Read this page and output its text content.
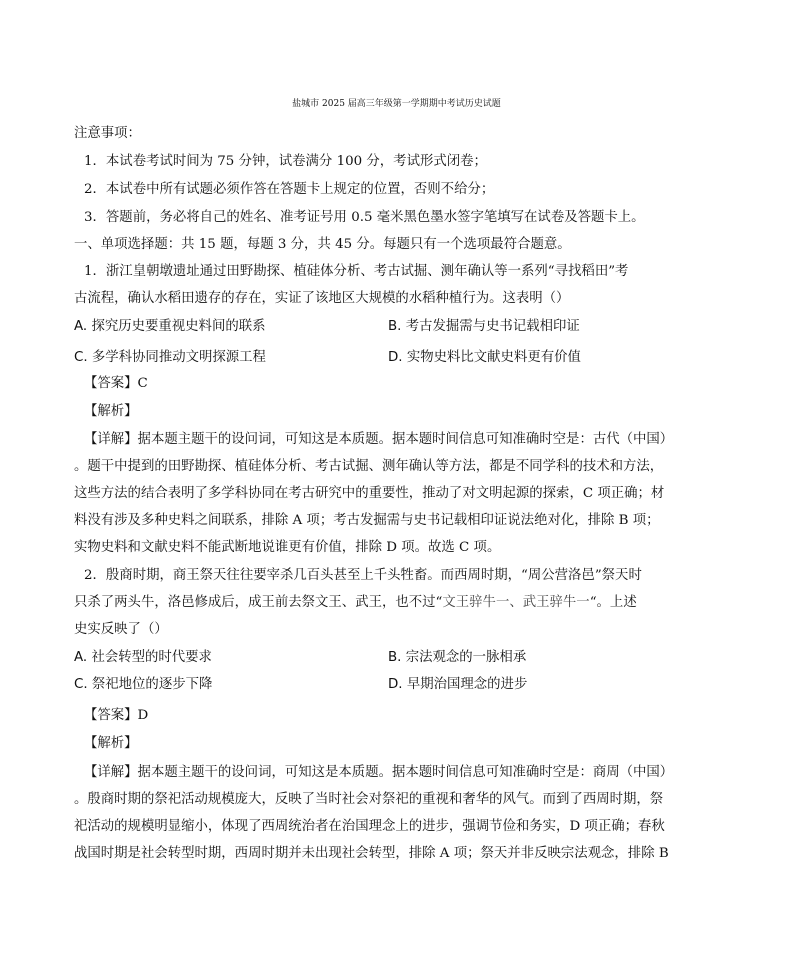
盐城市 2025 届高三年级第一学期期中考试历史试题
注意事项：
1．本试卷考试时间为 75 分钟，试卷满分 100 分，考试形式闭卷；
2．本试卷中所有试题必须作答在答题卡上规定的位置，否则不给分；
3．答题前，务必将自己的姓名、准考证号用 0.5 毫米黑色墨水签字笔填写在试卷及答题卡上。
一、单项选择题：共 15 题，每题 3 分，共 45 分。每题只有一个选项最符合题意。
1．浙江皇朝墩遗址通过田野勘探、植硅体分析、考古试掘、测年确认等一系列“寻找稻田”考
古流程，确认水稻田遗存的存在，实证了该地区大规模的水稻种植行为。这表明（）
A. 探究历史要重视史料间的联系	B. 考古发掘需与史书记载相印证
C. 多学科协同推动文明探源工程	D. 实物史料比文献史料更有价值
【答案】C
【解析】
【详解】据本题主题干的设问词，可知这是本质题。据本题时间信息可知准确时空是：古代（中国）
。题干中提到的田野勘探、植硅体分析、考古试掘、测年确认等方法，都是不同学科的技术和方法，
这些方法的结合表明了多学科协同在考古研究中的重要性，推动了对文明起源的探索，C 项正确；材
料没有涉及多种史料之间联系，排除 A 项；考古发掘需与史书记载相印证说法绝对化，排除 B 项；
实物史料和文献史料不能武断地说谁更有价值，排除 D 项。故选 C 项。
2．殷商时期，商王祭天往往要宰杀几百头甚至上千头牲畜。而西周时期，“周公营洛邑”祭天时
只杀了两头牛，洛邑修成后，成王前去祭文王、武王，也不过“文王骍牛一、武王骍牛一“。上述
史实反映了（）
A. 社会转型的时代要求	B. 宗法观念的一脉相承
C. 祭祀地位的逐步下降	D. 早期治国理念的进步
【答案】D
【解析】
【详解】据本题主题干的设问词，可知这是本质题。据本题时间信息可知准确时空是：商周（中国）
。殷商时期的祭祀活动规模庞大，反映了当时社会对祭祀的重视和奢华的风气。而到了西周时期，祭
祀活动的规模明显缩小，体现了西周统治者在治国理念上的进步，强调节俭和务实，D 项正确；春秋
战国时期是社会转型时期，西周时期并未出现社会转型，排除 A 项；祭天并非反映宗法观念，排除 B
